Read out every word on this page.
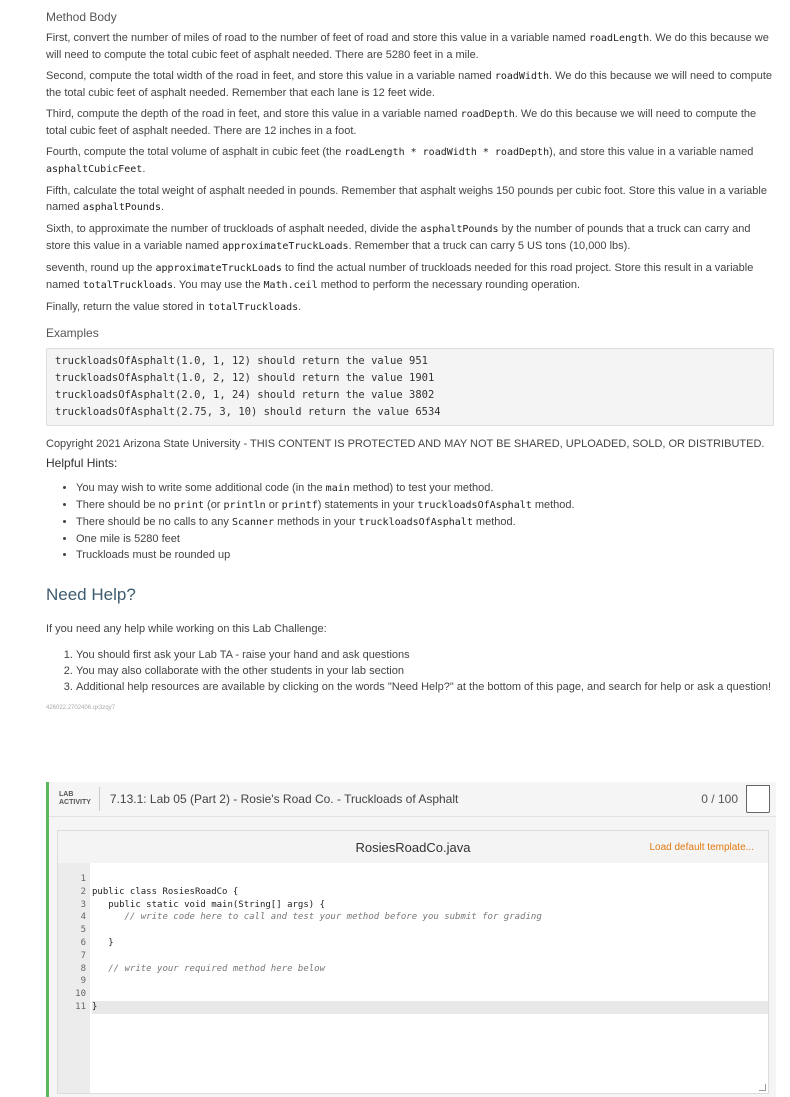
Method Body

First, convert the number of miles of road to the number of feet of road and store this value in a variable named roadLength. We do this because we will need to compute the total cubic feet of asphalt needed. There are 5280 feet in a mile.

Second, compute the total width of the road in feet, and store this value in a variable named roadWidth. We do this because we will need to compute the total cubic feet of asphalt needed. Remember that each lane is 12 feet wide.

Third, compute the depth of the road in feet, and store this value in a variable named roadDepth. We do this because we will need to compute the total cubic feet of asphalt needed. There are 12 inches in a foot.

Fourth, compute the total volume of asphalt in cubic feet (the roadLength * roadWidth * roadDepth), and store this value in a variable named asphaltCubicFeet.

Fifth, calculate the total weight of asphalt needed in pounds. Remember that asphalt weighs 150 pounds per cubic foot. Store this value in a variable named asphaltPounds.

Sixth, to approximate the number of truckloads of asphalt needed, divide the asphaltPounds by the number of pounds that a truck can carry and store this value in a variable named approximateTruckLoads. Remember that a truck can carry 5 US tons (10,000 lbs).

seventh, round up the approximateTruckLoads to find the actual number of truckloads needed for this road project. Store this result in a variable named totalTruckloads. You may use the Math.ceil method to perform the necessary rounding operation.

Finally, return the value stored in totalTruckloads.

Examples
truckloadsOfAsphalt(1.0, 1, 12) should return the value 951
truckloadsOfAsphalt(1.0, 2, 12) should return the value 1901
truckloadsOfAsphalt(2.0, 1, 24) should return the value 3802
truckloadsOfAsphalt(2.75, 3, 10) should return the value 6534
Copyright 2021 Arizona State University - THIS CONTENT IS PROTECTED AND MAY NOT BE SHARED, UPLOADED, SOLD, OR DISTRIBUTED.
Helpful Hints:
• You may wish to write some additional code (in the main method) to test your method.
• There should be no print (or println or printf) statements in your truckloadsOfAsphalt method.
• There should be no calls to any Scanner methods in your truckloadsOfAsphalt method.
• One mile is 5280 feet
• Truckloads must be rounded up
Need Help?

If you need any help while working on this Lab Challenge:

1. You should first ask your Lab TA - raise your hand and ask questions
2. You may also collaborate with the other students in your lab section
3. Additional help resources are available by clicking on the words "Need Help?" at the bottom of this page, and search for help or ask a question!
426022.2702406.qx3zqy7
LAB
ACTIVITY	7.13.1: Lab 05 (Part 2) - Rosie's Road Co. - Truckloads of Asphalt	0 / 100
RosiesRoadCo.java	Load default template...
1
2
3
4
5
6
7
8
9
10
11

public class RosiesRoadCo {
public static void main(String[] args) {
// write code here to call and test your method before you submit for grading

}

// write your required method here below

}
